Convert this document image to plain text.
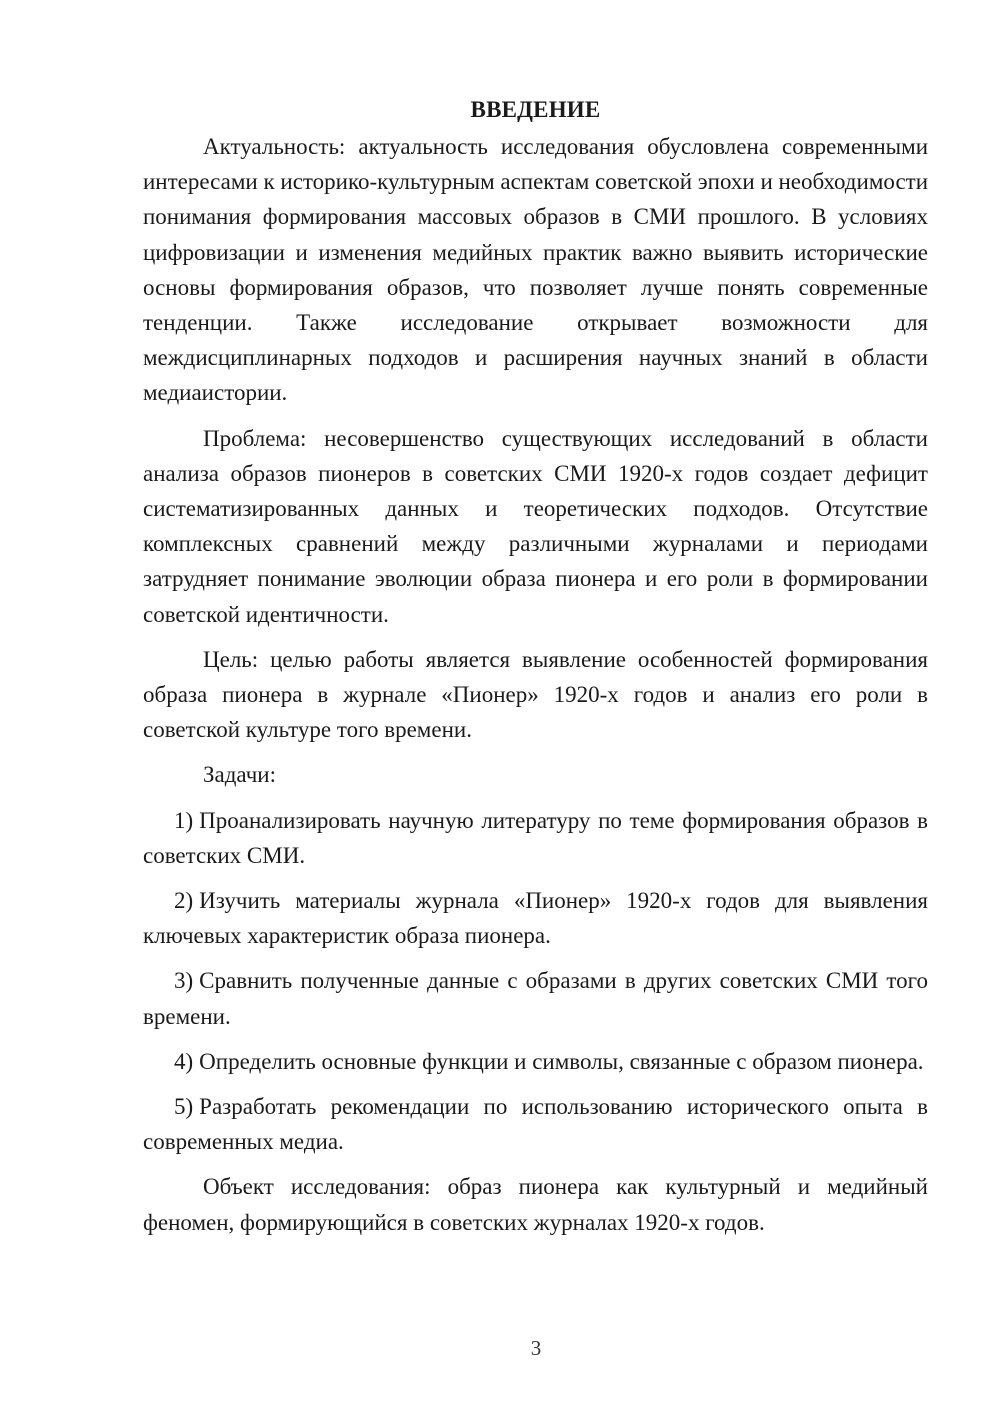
ВВЕДЕНИЕ

Актуальность: актуальность исследования обусловлена современными интересами к историко-культурным аспектам советской эпохи и необходимости понимания формирования массовых образов в СМИ прошлого. В условиях цифровизации и изменения медийных практик важно выявить исторические основы формирования образов, что позволяет лучше понять современные тенденции. Также исследование открывает возможности для междисциплинарных подходов и расширения научных знаний в области медиаистории.

Проблема: несовершенство существующих исследований в области анализа образов пионеров в советских СМИ 1920-х годов создает дефицит систематизированных данных и теоретических подходов. Отсутствие комплексных сравнений между различными журналами и периодами затрудняет понимание эволюции образа пионера и его роли в формировании советской идентичности.

Цель: целью работы является выявление особенностей формирования образа пионера в журнале «Пионер» 1920-х годов и анализ его роли в советской культуре того времени.

Задачи:

1) Проанализировать научную литературу по теме формирования образов в советских СМИ.

2) Изучить материалы журнала «Пионер» 1920-х годов для выявления ключевых характеристик образа пионера.

3) Сравнить полученные данные с образами в других советских СМИ того времени.

4) Определить основные функции и символы, связанные с образом пионера.

5) Разработать рекомендации по использованию исторического опыта в современных медиа.

Объект исследования: образ пионера как культурный и медийный феномен, формирующийся в советских журналах 1920-х годов.

3
